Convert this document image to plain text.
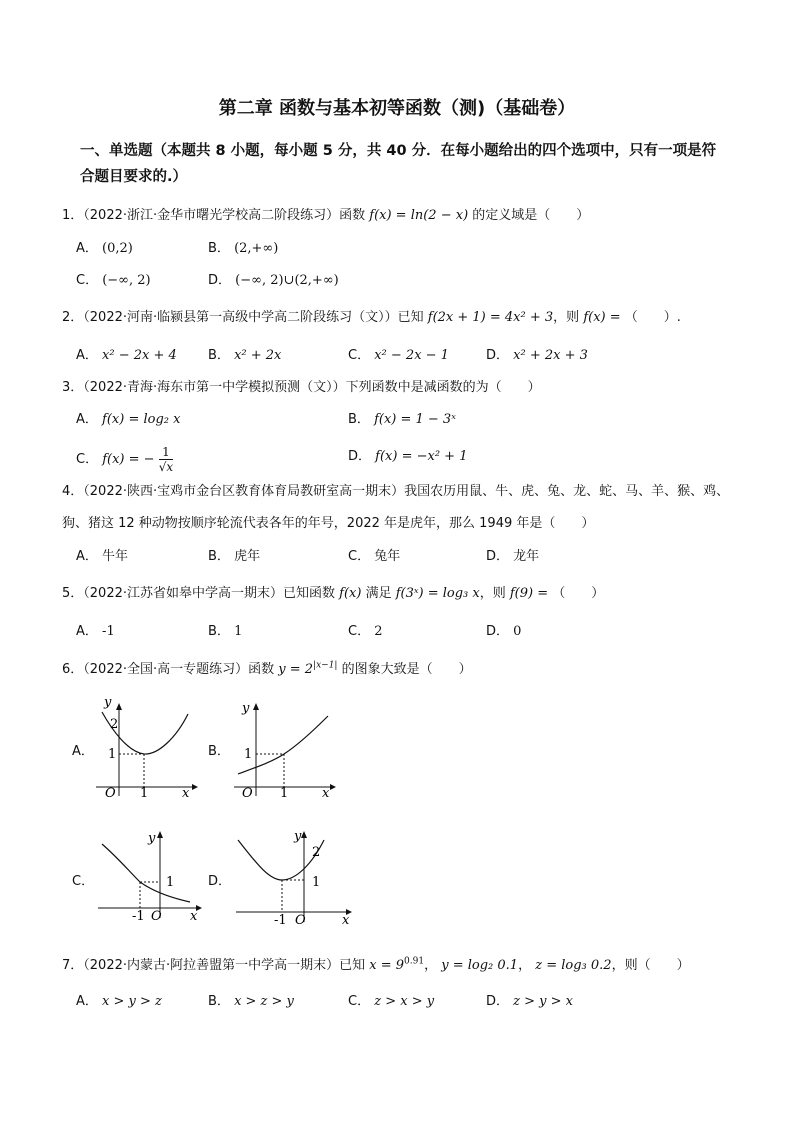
第二章 函数与基本初等函数（测)（基础卷）
一、单选题（本题共 8 小题，每小题 5 分，共 40 分．在每小题给出的四个选项中，只有一项是符合题目要求的.）
1．（2022·浙江·金华市曙光学校高二阶段练习）函数 f(x) = ln(2 − x) 的定义域是（　　）
A． (0,2)	B． (2,+∞)
C． (−∞, 2)	D． (−∞, 2)∪(2,+∞)
2．（2022·河南·临颍县第一高级中学高二阶段练习（文））已知 f(2x + 1) = 4x² + 3，则 f(x) = （　　）.
A． x² − 2x + 4 B． x² + 2x	C． x² − 2x − 1	D． x² + 2x + 3
3．（2022·青海·海东市第一中学模拟预测（文））下列函数中是减函数的为（　　）
A． f(x) = log₂ x	B． f(x) = 1 − 3ˣ
C． f(x) = − $\frac{1}{√x}$	D． f(x) = −x² + 1
4．（2022·陕西·宝鸡市金台区教育体育局教研室高一期末）我国农历用鼠、牛、虎、兔、龙、蛇、马、羊、猴、鸡、狗、猪这 12 种动物按顺序轮流代表各年的年号，2022 年是虎年，那么 1949 年是（　　）
A． 牛年	B． 虎年	C． 兔年	D． 龙年
5．（2022·江苏省如皋中学高一期末）已知函数 f(x) 满足 f(3ˣ) = log₃ x，则 f(9) = （　　）
A． -1	B． 1	C． 2	D． 0
6．（2022·全国·高一专题练习）函数 $y = 2^{|x-1|}$ 的图象大致是（　　）
A．
y
2
1
O 1	x
B．
y
1
O 1	x
C．
y
1
-1 O x
D．
y
2
1
-1 O	x
7．（2022·内蒙古·阿拉善盟第一中学高一期末）已知 $x = 9^{0.91}$， y = log₂ 0.1， z = log₃ 0.2，则（　　）
A． x > y > z	B． x > z > y	C． z > x > y	D． z > y > x
